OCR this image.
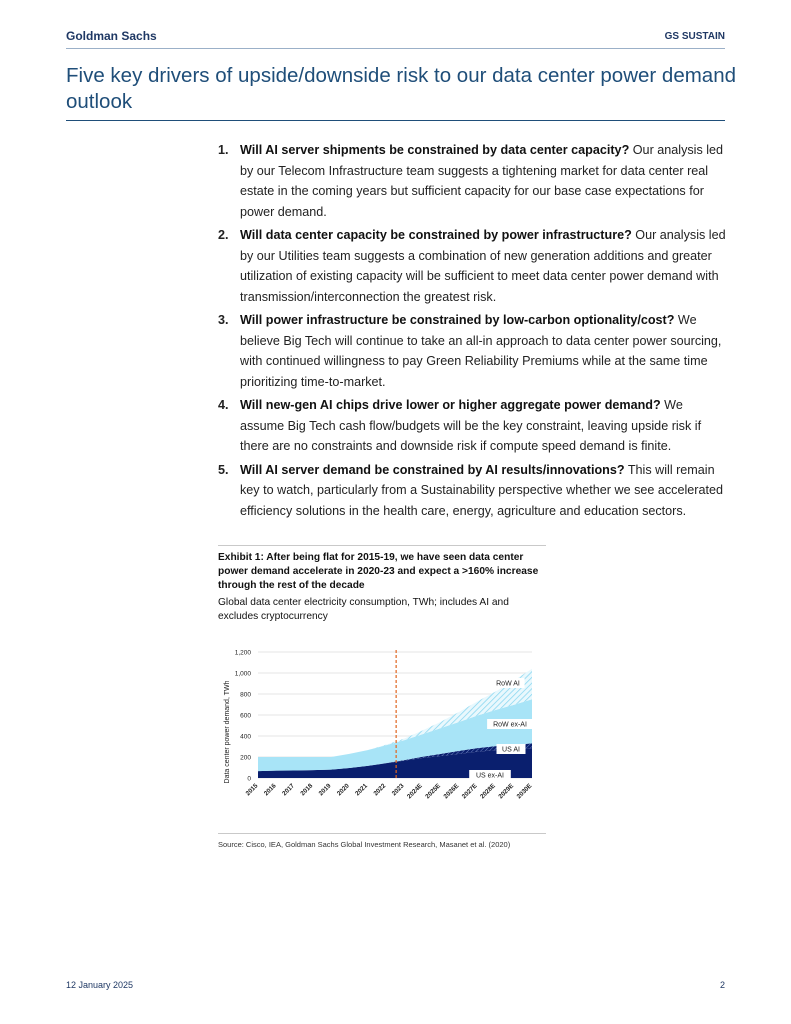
Goldman Sachs	GS SUSTAIN
Five key drivers of upside/downside risk to our data center power demand outlook
1. Will AI server shipments be constrained by data center capacity? Our analysis led by our Telecom Infrastructure team suggests a tightening market for data center real estate in the coming years but sufficient capacity for our base case expectations for power demand.
2. Will data center capacity be constrained by power infrastructure? Our analysis led by our Utilities team suggests a combination of new generation additions and greater utilization of existing capacity will be sufficient to meet data center power demand with transmission/interconnection the greatest risk.
3. Will power infrastructure be constrained by low-carbon optionality/cost? We believe Big Tech will continue to take an all-in approach to data center power sourcing, with continued willingness to pay Green Reliability Premiums while at the same time prioritizing time-to-market.
4. Will new-gen AI chips drive lower or higher aggregate power demand? We assume Big Tech cash flow/budgets will be the key constraint, leaving upside risk if there are no constraints and downside risk if compute speed demand is finite.
5. Will AI server demand be constrained by AI results/innovations? This will remain key to watch, particularly from a Sustainability perspective whether we see accelerated efficiency solutions in the health care, energy, agriculture and education sectors.
Exhibit 1: After being flat for 2015-19, we have seen data center power demand accelerate in 2020-23 and expect a >160% increase through the rest of the decade
Global data center electricity consumption, TWh; includes AI and excludes cryptocurrency
0
200
400
600
800
1,000
1,200
2015 2016 2017 2018 2019 2020 2021 2022 2023 2024E 2025E 2026E 2027E 2028E 2029E 2030E
Data center power demand, TWh	US ex-AI
US AI
RoW ex-AI
RoW AI
Source: Cisco, IEA, Goldman Sachs Global Investment Research, Masanet et al. (2020)
12 January 2025	2
